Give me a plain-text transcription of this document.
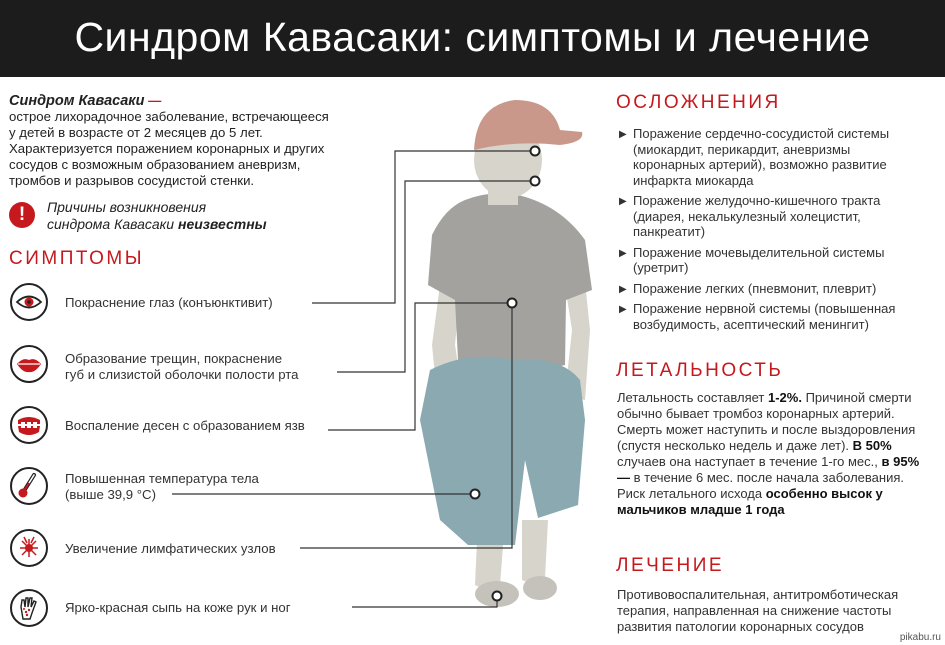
Синдром Кавасаки: симптомы и лечение
Синдром Кавасаки —
острое лихорадочное заболевание, встречающееся
у детей в возрасте от 2 месяцев до 5 лет.
Характеризуется поражением коронарных и других
сосудов с возможным образованием аневризм,
тромбов и разрывов сосудистой стенки.
!	Причины возникновения
синдрома Кавасаки неизвестны
СИМПТОМЫ
Покраснение глаз (конъюнктивит)
Образование трещин, покраснение
губ и слизистой оболочки полости рта
Воспаление десен с образованием язв
Повышенная температура тела
(выше 39,9 °С)
Увеличение лимфатических узлов
Ярко-красная сыпь на коже рук и ног
ОСЛОЖНЕНИЯ
▶ Поражение сердечно-сосудистой системы
(миокардит, перикардит, аневризмы
коронарных артерий), возможно развитие
инфаркта миокарда
▶ Поражение желудочно-кишечного тракта
(диарея, некалькулезный холецистит,
панкреатит)
▶ Поражение мочевыделительной системы
(уретрит)
▶ Поражение легких (пневмонит, плеврит)
▶ Поражение нервной системы (повышенная
возбудимость, асептический менингит)
ЛЕТАЛЬНОСТЬ
Летальность составляет 1-2%. Причиной смерти обычно бывает тромбоз коронарных артерий. Смерть может наступить и после выздоровления (спустя несколько недель и даже лет). В 50% случаев она наступает в течение 1-го мес., в 95% — в течение 6 мес. после начала заболевания. Риск летального исхода особенно высок у мальчиков младше 1 года
ЛЕЧЕНИЕ
Противовоспалительная, антитромботическая терапия, направленная на снижение частоты развития патологии коронарных сосудов
pikabu.ru
